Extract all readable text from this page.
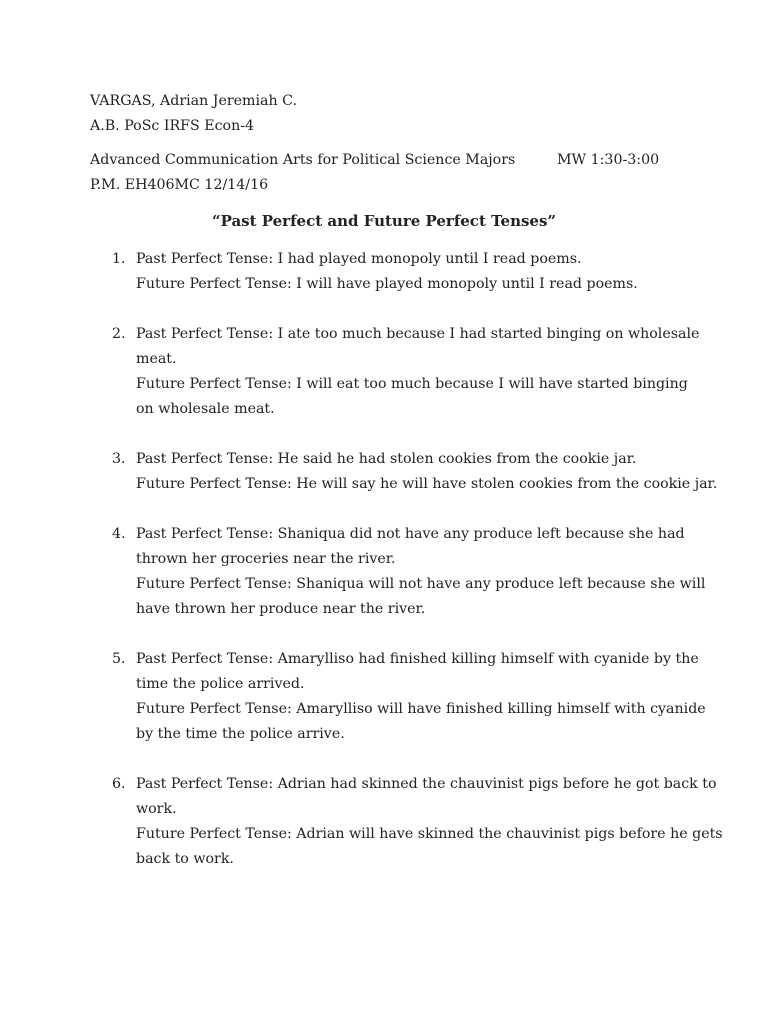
VARGAS, Adrian Jeremiah C.
A.B. PoSc IRFS Econ-4
Advanced Communication Arts for Political Science Majors	MW 1:30-3:00
P.M. EH406MC 12/14/16
“Past Perfect and Future Perfect Tenses”
1. Past Perfect Tense: I had played monopoly until I read poems.
Future Perfect Tense: I will have played monopoly until I read poems.
2. Past Perfect Tense: I ate too much because I had started binging on wholesale meat.
Future Perfect Tense: I will eat too much because I will have started binging on wholesale meat.
3. Past Perfect Tense: He said he had stolen cookies from the cookie jar.
Future Perfect Tense: He will say he will have stolen cookies from the cookie jar.
4. Past Perfect Tense: Shaniqua did not have any produce left because she had thrown her groceries near the river.
Future Perfect Tense: Shaniqua will not have any produce left because she will have thrown her produce near the river.
5. Past Perfect Tense: Amarylliso had finished killing himself with cyanide by the time the police arrived.
Future Perfect Tense: Amarylliso will have finished killing himself with cyanide by the time the police arrive.
6. Past Perfect Tense: Adrian had skinned the chauvinist pigs before he got back to work.
Future Perfect Tense: Adrian will have skinned the chauvinist pigs before he gets back to work.
